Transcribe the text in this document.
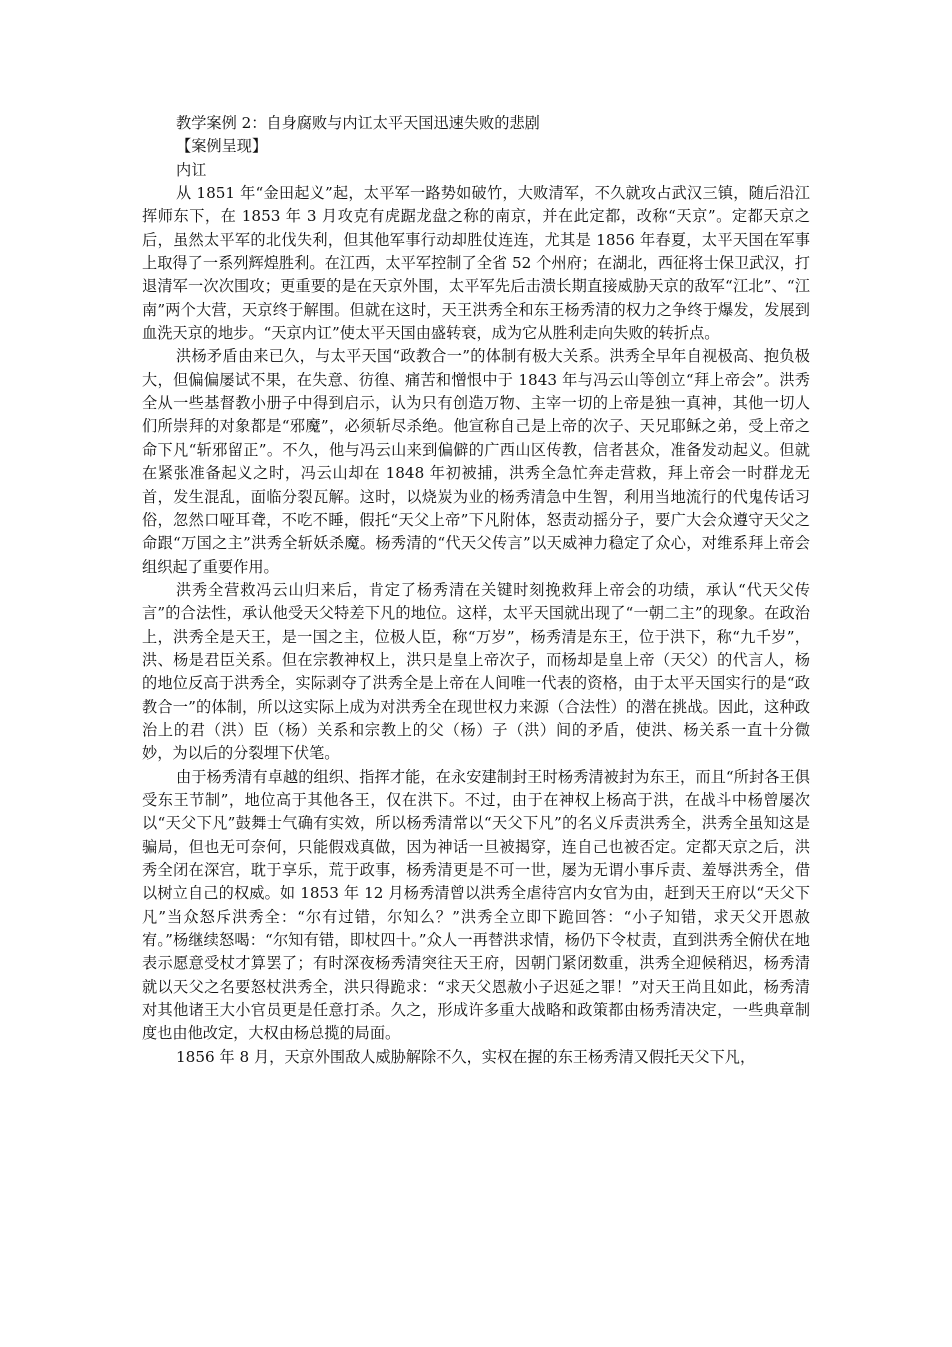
教学案例 2：自身腐败与内讧太平天国迅速失败的悲剧

【案例呈现】

内讧

从 1851 年“金田起义”起，太平军一路势如破竹，大败清军，不久就攻占武汉三镇，随后沿江挥师东下，在 1853 年 3 月攻克有虎踞龙盘之称的南京，并在此定都，改称“天京”。定都天京之后，虽然太平军的北伐失利，但其他军事行动却胜仗连连，尤其是 1856 年春夏，太平天国在军事上取得了一系列辉煌胜利。在江西，太平军控制了全省 52 个州府；在湖北，西征将士保卫武汉，打退清军一次次围攻；更重要的是在天京外围，太平军先后击溃长期直接威胁天京的敌军“江北”、“江南”两个大营，天京终于解围。但就在这时，天王洪秀全和东王杨秀清的权力之争终于爆发，发展到血洗天京的地步。“天京内讧”使太平天国由盛转衰，成为它从胜利走向失败的转折点。

洪杨矛盾由来已久，与太平天国“政教合一”的体制有极大关系。洪秀全早年自视极高、抱负极大，但偏偏屡试不果，在失意、彷徨、痛苦和憎恨中于 1843 年与冯云山等创立“拜上帝会”。洪秀全从一些基督教小册子中得到启示，认为只有创造万物、主宰一切的上帝是独一真神，其他一切人们所崇拜的对象都是“邪魔”，必须斩尽杀绝。他宣称自己是上帝的次子、天兄耶稣之弟，受上帝之命下凡“斩邪留正”。不久，他与冯云山来到偏僻的广西山区传教，信者甚众，准备发动起义。但就在紧张准备起义之时，冯云山却在 1848 年初被捕，洪秀全急忙奔走营救，拜上帝会一时群龙无首，发生混乱，面临分裂瓦解。这时，以烧炭为业的杨秀清急中生智，利用当地流行的代鬼传话习俗，忽然口哑耳聋，不吃不睡，假托“天父上帝”下凡附体，怒责动摇分子，要广大会众遵守天父之命跟“万国之主”洪秀全斩妖杀魔。杨秀清的“代天父传言”以天威神力稳定了众心，对维系拜上帝会组织起了重要作用。

洪秀全营救冯云山归来后，肯定了杨秀清在关键时刻挽救拜上帝会的功绩，承认“代天父传言”的合法性，承认他受天父特差下凡的地位。这样，太平天国就出现了“一朝二主”的现象。在政治上，洪秀全是天王，是一国之主，位极人臣，称“万岁”，杨秀清是东王，位于洪下，称“九千岁”，洪、杨是君臣关系。但在宗教神权上，洪只是皇上帝次子，而杨却是皇上帝（天父）的代言人，杨的地位反高于洪秀全，实际剥夺了洪秀全是上帝在人间唯一代表的资格，由于太平天国实行的是“政教合一”的体制，所以这实际上成为对洪秀全在现世权力来源（合法性）的潜在挑战。因此，这种政治上的君（洪）臣（杨）关系和宗教上的父（杨）子（洪）间的矛盾，使洪、杨关系一直十分微妙，为以后的分裂埋下伏笔。

由于杨秀清有卓越的组织、指挥才能，在永安建制封王时杨秀清被封为东王，而且“所封各王俱受东王节制”，地位高于其他各王，仅在洪下。不过，由于在神权上杨高于洪，在战斗中杨曾屡次以“天父下凡”鼓舞士气确有实效，所以杨秀清常以“天父下凡”的名义斥责洪秀全，洪秀全虽知这是骗局，但也无可奈何，只能假戏真做，因为神话一旦被揭穿，连自己也被否定。定都天京之后，洪秀全闭在深宫，耽于享乐，荒于政事，杨秀清更是不可一世，屡为无谓小事斥责、羞辱洪秀全，借以树立自己的权威。如 1853 年 12 月杨秀清曾以洪秀全虐待宫内女官为由，赶到天王府以“天父下凡”当众怒斥洪秀全：“尔有过错，尔知么？”洪秀全立即下跪回答：“小子知错，求天父开恩赦宥。”杨继续怒喝：“尔知有错，即杖四十。”众人一再替洪求情，杨仍下令杖责，直到洪秀全俯伏在地表示愿意受杖才算罢了；有时深夜杨秀清突往天王府，因朝门紧闭数重，洪秀全迎候稍迟，杨秀清就以天父之名要怒杖洪秀全，洪只得跪求：“求天父恩赦小子迟延之罪！”对天王尚且如此，杨秀清对其他诸王大小官员更是任意打杀。久之，形成许多重大战略和政策都由杨秀清决定，一些典章制度也由他改定，大权由杨总揽的局面。

1856 年 8 月，天京外围敌人威胁解除不久，实权在握的东王杨秀清又假托天父下凡，
